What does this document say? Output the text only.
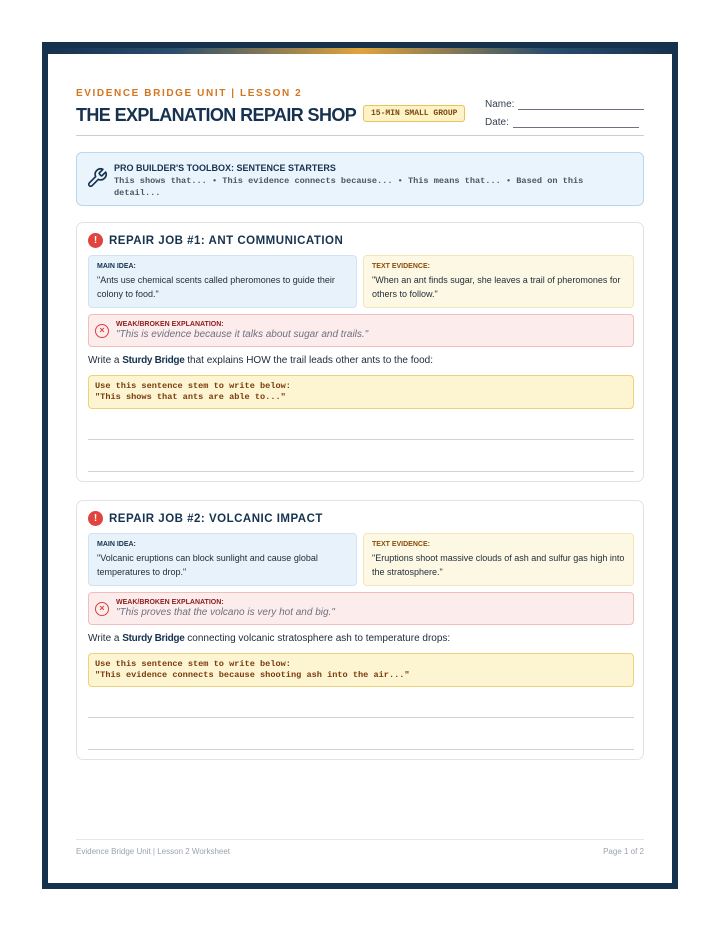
EVIDENCE BRIDGE UNIT | LESSON 2
THE EXPLANATION REPAIR SHOP	15-MIN SMALL GROUP
Name:
Date:
PRO BUILDER'S TOOLBOX: SENTENCE STARTERS
This shows that... • This evidence connects because... • This means that... • Based on this detail...
!	REPAIR JOB #1: ANT COMMUNICATION
MAIN IDEA:
"Ants use chemical scents called pheromones to guide their colony to food."
TEXT EVIDENCE:
"When an ant finds sugar, she leaves a trail of pheromones for others to follow."
×
WEAK/BROKEN EXPLANATION:
"This is evidence because it talks about sugar and trails."
Write a Sturdy Bridge that explains HOW the trail leads other ants to the food:
Use this sentence stem to write below:
"This shows that ants are able to..."
!	REPAIR JOB #2: VOLCANIC IMPACT
MAIN IDEA:
"Volcanic eruptions can block sunlight and cause global temperatures to drop."
TEXT EVIDENCE:
"Eruptions shoot massive clouds of ash and sulfur gas high into the stratosphere."
×
WEAK/BROKEN EXPLANATION:
"This proves that the volcano is very hot and big."
Write a Sturdy Bridge connecting volcanic stratosphere ash to temperature drops:
Use this sentence stem to write below:
"This evidence connects because shooting ash into the air..."
Evidence Bridge Unit | Lesson 2 Worksheet	Page 1 of 2
